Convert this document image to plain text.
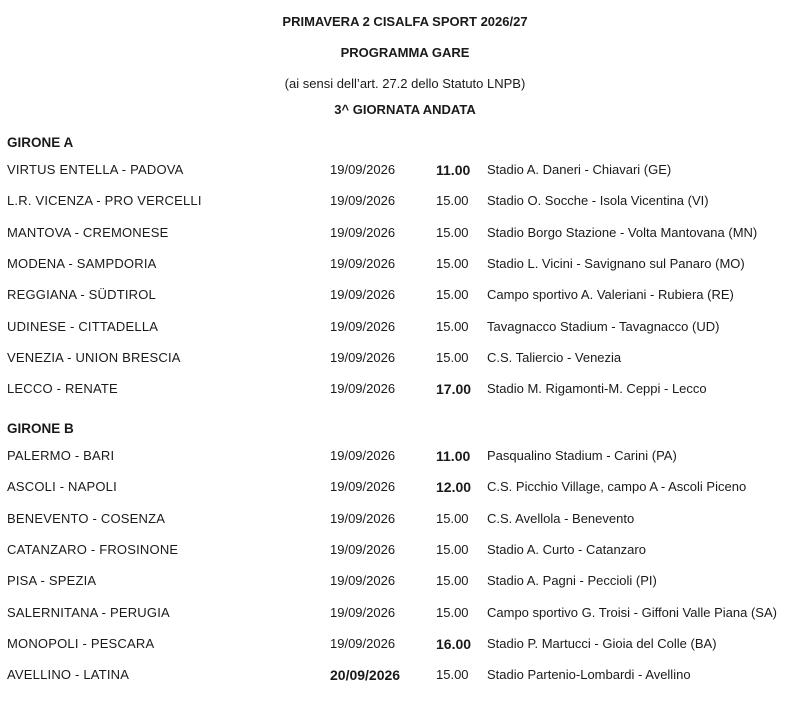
PRIMAVERA 2 CISALFA SPORT 2026/27
PROGRAMMA GARE
(ai sensi dell’art. 27.2 dello Statuto LNPB)
3^ GIORNATA ANDATA
GIRONE A
VIRTUS ENTELLA - PADOVA	19/09/2026	11.00 Stadio A. Daneri - Chiavari (GE)
L.R. VICENZA - PRO VERCELLI	19/09/2026	15.00 Stadio O. Socche - Isola Vicentina (VI)
MANTOVA - CREMONESE	19/09/2026	15.00 Stadio Borgo Stazione - Volta Mantovana (MN)
MODENA - SAMPDORIA	19/09/2026	15.00 Stadio L. Vicini - Savignano sul Panaro (MO)
REGGIANA - SÜDTIROL	19/09/2026	15.00 Campo sportivo A. Valeriani - Rubiera (RE)
UDINESE - CITTADELLA	19/09/2026	15.00 Tavagnacco Stadium - Tavagnacco (UD)
VENEZIA - UNION BRESCIA	19/09/2026	15.00 C.S. Taliercio - Venezia
LECCO - RENATE	19/09/2026	17.00 Stadio M. Rigamonti-M. Ceppi - Lecco
GIRONE B
PALERMO - BARI	19/09/2026	11.00 Pasqualino Stadium - Carini (PA)
ASCOLI - NAPOLI	19/09/2026	12.00 C.S. Picchio Village, campo A - Ascoli Piceno
BENEVENTO - COSENZA	19/09/2026	15.00 C.S. Avellola - Benevento
CATANZARO - FROSINONE	19/09/2026	15.00 Stadio A. Curto - Catanzaro
PISA - SPEZIA	19/09/2026	15.00 Stadio A. Pagni - Peccioli (PI)
SALERNITANA - PERUGIA	19/09/2026	15.00 Campo sportivo G. Troisi - Giffoni Valle Piana (SA)
MONOPOLI - PESCARA	19/09/2026	16.00 Stadio P. Martucci - Gioia del Colle (BA)
AVELLINO - LATINA	20/09/2026	15.00 Stadio Partenio-Lombardi - Avellino
